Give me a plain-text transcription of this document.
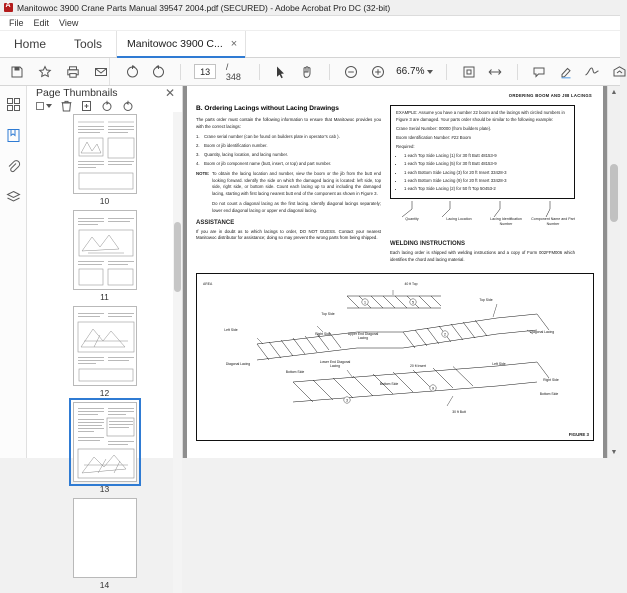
A
Manitowoc 3900 Crane Parts Manual 39547 2004.pdf (SECURED) - Adobe Acrobat Pro DC (32-bit)
File	Edit	View
Home	Tools	Manitowoc 3900 C... ×
13	/ 348	66.7%
Page Thumbnails	✕
10
11
12
13
14
ORDERING BOOM AND JIB LACINGS
B. Ordering Lacings without Lacing Drawings

The parts order must contain the following information to ensure that Manitowoc provides you with the correct lacings:

1.	Crane serial number (can be found on builders plate in operator's cab ).
2.	Boom or jib identification number.
3.	Quantity, lacing location, and lacing number.
4.	Boom or jib component name (butt, insert, or top) and part number.
NOTE: To obtain the lacing location and number, view the boom or the jib from the butt end looking forward. Identify the side on which the damaged lacing is located: left side, top side, right side, or bottom side. Count each lacing up to and including the damaged lacing, starting with first lacing nearest butt end of the component as shown in Figure 3.
Do not count a diagonal lacing as the first lacing. Identify diagonal lacings separately; lower end diagonal lacing or upper end diagonal lacing.
ASSISTANCE

If you are in doubt as to which lacings to order, DO NOT GUESS. Contact your nearest Manitowoc distributor for assistance; doing so may prevent the wrong parts from being shipped.

EXAMPLE: Assume you have a number 22 boom and the lacings with circled numbers in Figure 3 are damaged. Your parts order should be similar to the following example:
Crane Serial Number: 00000 (from builders plate).
Boom Identification Number: #22 Boom
Required:
• 1 each Top Side Lacing (1) for 30 ft Butt 48153-9
• 1 each Top Side Lacing (5) for 30 ft Butt 48153-9
• 1 each Bottom Side Lacing (3) for 20 ft Insert 33428-3
• 1 each Bottom Side Lacing (9) for 20 ft Insert 33428-3
• 1 each Top Side Lacing (2) for 50 ft Top 50453-2
Quantity	Lacing Location	Lacing Identification Number
Component Name and Part Number
WELDING INSTRUCTIONS

Each lacing order is shipped with welding instructions and a copy of Form 002FFM006 which identifies the chord and lacing material.

AREA
1	5
2
3
9
40 ft Top
Top Side
Top Side
Left Side
Right Side	Diagonal Lacing
Upper End Diagonal Lacing
Lower End Diagonal Lacing
Bottom Side
Bottom Side
20 ft Insert
Diagonal Lacing	Left Side
Right Side
Bottom Side
30 ft Butt
FIGURE 3
▲
▼
